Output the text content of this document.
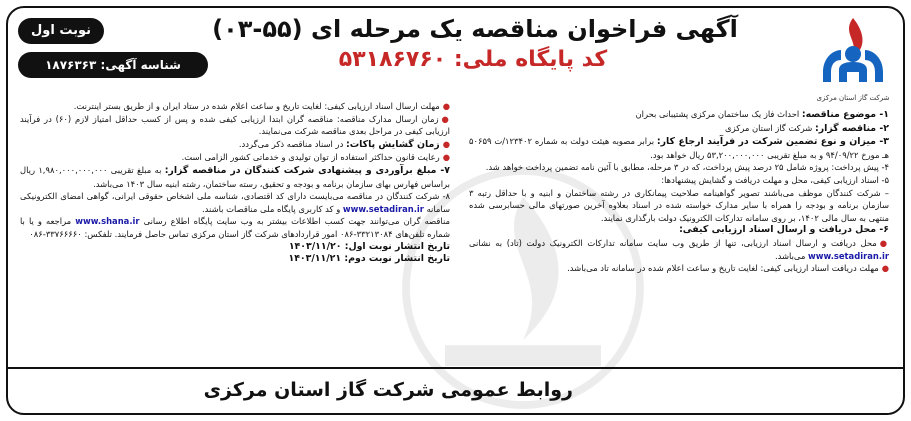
شرکت گاز استان مرکزی
آگهی فراخوان مناقصه یک مرحله ای (۵۵-۰۳)
کد پایگاه ملی: ۵۳۱۸۶۷۶۰
نوبت اول
شناسه آگهی: ۱۸۷۶۳۶۳

۱- موضوع مناقصه: احداث فاز یک ساختمان مرکزی پشتیبانی بحران

۲- مناقصه گزار: شرکت گاز استان مرکزی

۳- میزان و نوع تضمین شرکت در فرآیند ارجاع کار: برابر مصوبه هیئت دولت به شماره ۱۲۳۴۰۲/ت ۵۰۶۵۹ هـ مورخ ۹۴/۰۹/۲۲ و به مبلغ تقریبی ۵۳,۲۰۰,۰۰۰,۰۰۰ ریال خواهد بود.

۴- پیش پرداخت: پروژه شامل ۲۵ درصد پیش پرداخت، که در ۳ مرحله، مطابق با آئین نامه تضمین پرداخت خواهد شد.

۵- اسناد ارزیابی کیفی، محل و مهلت دریافت و گشایش پیشنهادها:

– شرکت کنندگان موظف می‌باشند تصویر گواهینامه صلاحیت پیمانکاری در رشته ساختمان و ابنیه و با حداقل رتبه ۳ سازمان برنامه و بودجه را همراه با سایر مدارک خواسته شده در اسناد بعلاوه آخرین صورتهای مالی حسابرسی شده منتهی به سال مالی ۱۴۰۲، بر روی سامانه تدارکات الکترونیک دولت بارگذاری نمایند.

۶- محل دریافت و ارسال اسناد ارزیابی کیفی:

●محل دریافت و ارسال اسناد ارزیابی، تنها از طریق وب سایت سامانه تدارکات الکترونیک دولت (تاد) به نشانی www.setadiran.ir می‌باشد.

●مهلت دریافت اسناد ارزیابی کیفی: لغایت تاریخ و ساعت اعلام شده در سامانه تاد می‌باشد.

●مهلت ارسال اسناد ارزیابی کیفی: لغایت تاریخ و ساعت اعلام شده در ستاد ایران و از طریق بستر اینترنت.

●زمان ارسال مدارک مناقصه: مناقصه گران ابتدا ارزیابی کیفی شده و پس از کسب حداقل امتیاز لازم (۶۰) در فرآیند ارزیابی کیفی در مراحل بعدی مناقصه شرکت می‌نمایند.

●زمان گشایش پاکات: در اسناد مناقصه ذکر می‌گردد.

●رعایت قانون حداکثر استفاده از توان تولیدی و خدماتی کشور الزامی است.

۷- مبلغ برآوردی و پیشنهادی شرکت کنندگان در مناقصه گزار: به مبلغ تقریبی ۱,۹۸۰,۰۰۰,۰۰۰,۰۰۰ ریال براساس فهارس بهای سازمان برنامه و بودجه و تحقیق، رسته ساختمان، رشته ابنیه سال ۱۴۰۳ می‌باشد.

۸- شرکت کنندگان در مناقصه می‌بایست دارای کد اقتصادی، شناسه ملی اشخاص حقوقی ایرانی، گواهی امضای الکترونیکی سامانه www.setadiran.ir و کد کاربری پایگاه ملی مناقصات باشند.

مناقصه گران می‌توانند جهت کسب اطلاعات بیشتر به وب سایت پایگاه اطلاع رسانی www.shana.ir مراجعه و یا با شماره تلفن‌های ۳۳۲۱۳۰۸۴-۰۸۶ امور قراردادهای شرکت گاز استان مرکزی تماس حاصل فرمایند. تلفکس: ۳۳۷۶۶۶۶۰-۰۸۶

تاریخ انتشار نوبت اول: ۱۴۰۳/۱۱/۲۰

تاریخ انتشار نوبت دوم: ۱۴۰۳/۱۱/۲۱

روابط عمومی شرکت گاز استان مرکزی
